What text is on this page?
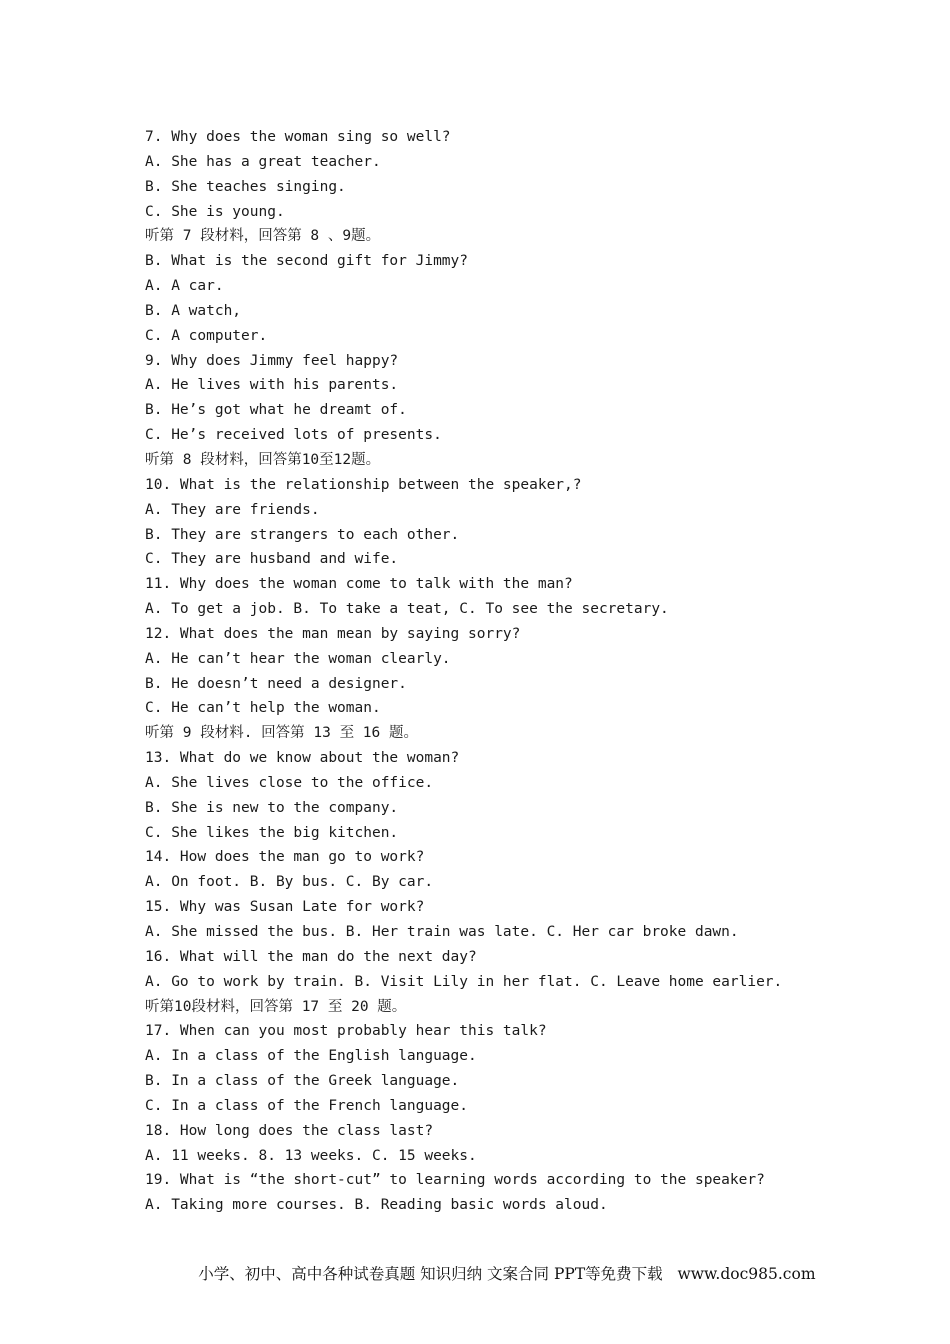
7. Why does the woman sing so well?
A. She has a great teacher.
B. She teaches singing.
C. She is young.
听第 7 段材料，回答第 8 、9题。
B. What is the second gift for Jimmy?
A. A car.
B. A watch,
C. A computer.
9. Why does Jimmy feel happy?
A. He lives with his parents.
B. He’s got what he dreamt of.
C. He’s received lots of presents.
听第 8 段材料，回答第10至12题。
10. What is the relationship between the speaker,?
A. They are friends.
B. They are strangers to each other.
C. They are husband and wife.
11. Why does the woman come to talk with the man?
A. To get a job. B. To take a teat, C. To see the secretary.
12. What does the man mean by saying sorry?
A. He can’t hear the woman clearly.
B. He doesn’t need a designer.
C. He can’t help the woman.
听第 9 段材料. 回答第 13 至 16 题。
13. What do we know about the woman?
A. She lives close to the office.
B. She is new to the company.
C. She likes the big kitchen.
14. How does the man go to work?
A. On foot. B. By bus. C. By car.
15. Why was Susan Late for work?
A. She missed the bus. B. Her train was late. C. Her car broke dawn.
16. What will the man do the next day?
A. Go to work by train. B. Visit Lily in her flat. C. Leave home earlier.
听第10段材料，回答第 17 至 20 题。
17. When can you most probably hear this talk?
A. In a class of the English language.
B. In a class of the Greek language.
C. In a class of the French language.
18. How long does the class last?
A. 11 weeks. 8. 13 weeks. C. 15 weeks.
19. What is “the short-cut” to learning words according to the speaker?
A. Taking more courses. B. Reading basic words aloud.

小学、初中、高中各种试卷真题 知识归纳 文案合同 PPT等免费下载   www.doc985.com
